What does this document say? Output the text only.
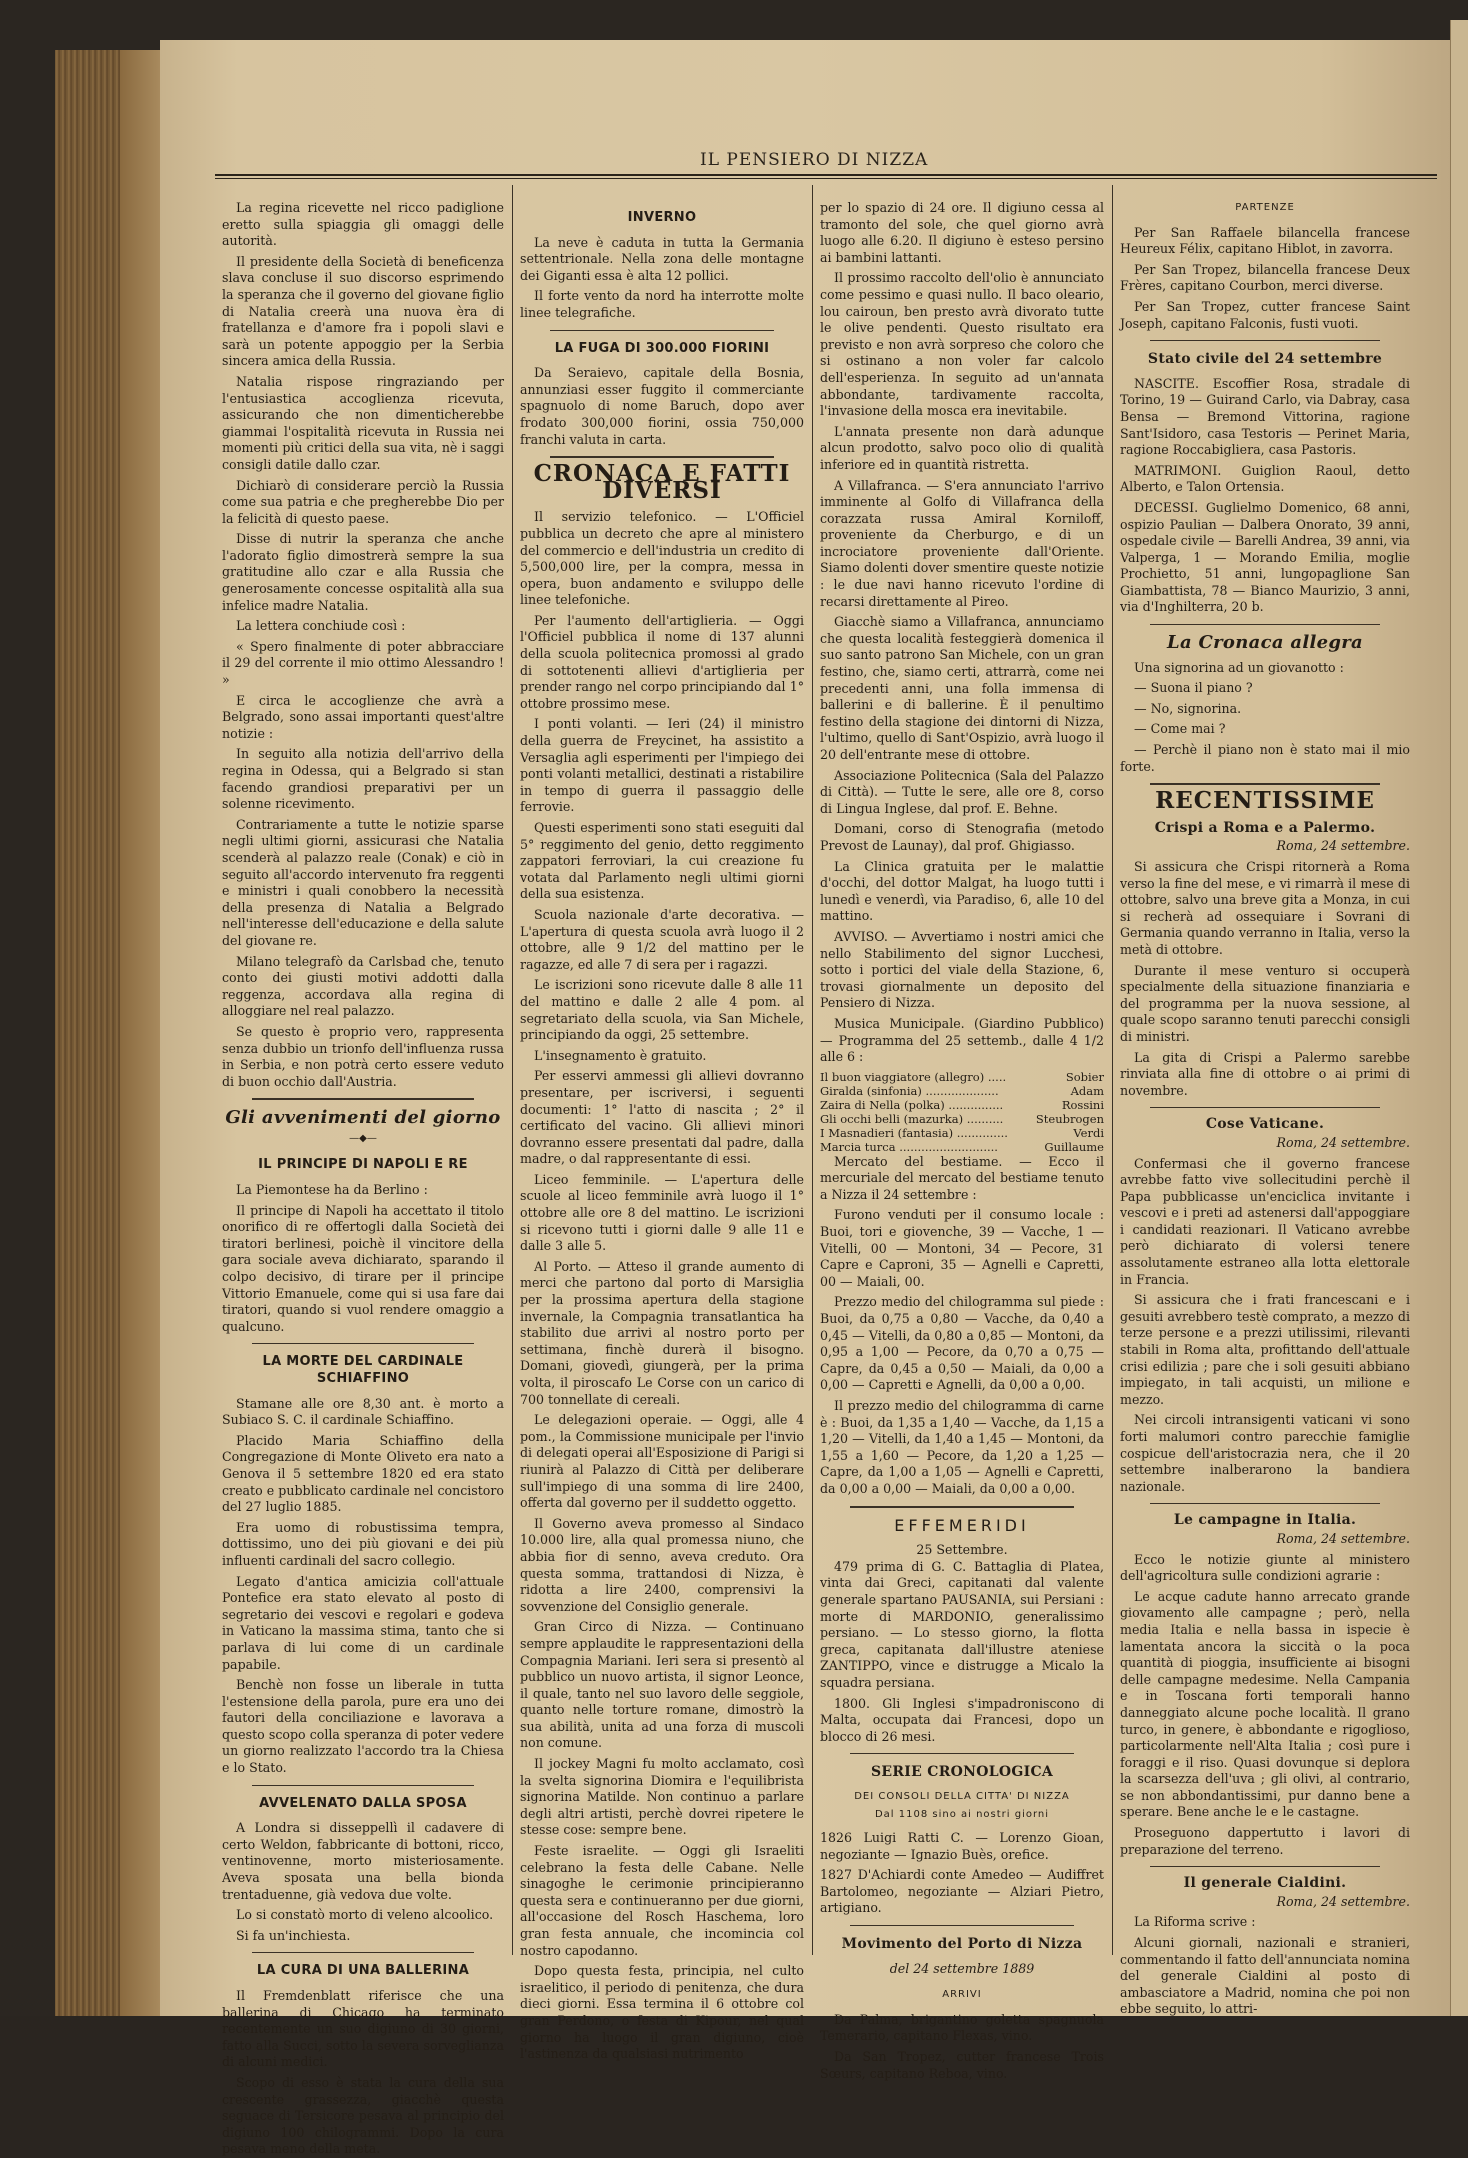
IL PENSIERO DI NIZZA

La regina ricevette nel ricco padiglione eretto sulla spiaggia gli omaggi delle autorità.

Il presidente della Società di beneficenza slava concluse il suo discorso esprimendo la speranza che il governo del giovane figlio di Natalia creerà una nuova èra di fratellanza e d'amore fra i popoli slavi e sarà un potente appoggio per la Serbia sincera amica della Russia.

Natalia rispose ringraziando per l'entusiastica accoglienza ricevuta, assicurando che non dimenticherebbe giammai l'ospitalità ricevuta in Russia nei momenti più critici della sua vita, nè i saggi consigli datile dallo czar.

Dichiarò di considerare perciò la Russia come sua patria e che pregherebbe Dio per la felicità di questo paese.

Disse di nutrir la speranza che anche l'adorato figlio dimostrerà sempre la sua gratitudine allo czar e alla Russia che generosamente concesse ospitalità alla sua infelice madre Natalia.

La lettera conchiude così :

« Spero finalmente di poter abbracciare il 29 del corrente il mio ottimo Alessandro ! »

E circa le accoglienze che avrà a Belgrado, sono assai importanti quest'altre notizie :

In seguito alla notizia dell'arrivo della regina in Odessa, qui a Belgrado si stan facendo grandiosi preparativi per un solenne ricevimento.

Contrariamente a tutte le notizie sparse negli ultimi giorni, assicurasi che Natalia scenderà al palazzo reale (Conak) e ciò in seguito all'accordo intervenuto fra reggenti e ministri i quali conobbero la necessità della presenza di Natalia a Belgrado nell'interesse dell'educazione e della salute del giovane re.

Milano telegrafò da Carlsbad che, tenuto conto dei giusti motivi addotti dalla reggenza, accordava alla regina di alloggiare nel real palazzo.

Se questo è proprio vero, rappresenta senza dubbio un trionfo dell'influenza russa in Serbia, e non potrà certo essere veduto di buon occhio dall'Austria.

Gli avvenimenti del giorno
—◆—
IL PRINCIPE DI NAPOLI E RE

La Piemontese ha da Berlino :

Il principe di Napoli ha accettato il titolo onorifico di re offertogli dalla Società dei tiratori berlinesi, poichè il vincitore della gara sociale aveva dichiarato, sparando il colpo decisivo, di tirare per il principe Vittorio Emanuele, come qui si usa fare dai tiratori, quando si vuol rendere omaggio a qualcuno.

LA MORTE DEL CARDINALE SCHIAFFINO

Stamane alle ore 8,30 ant. è morto a Subiaco S. C. il cardinale Schiaffino.

Placido Maria Schiaffino della Congregazione di Monte Oliveto era nato a Genova il 5 settembre 1820 ed era stato creato e pubblicato cardinale nel concistoro del 27 luglio 1885.

Era uomo di robustissima tempra, dottissimo, uno dei più giovani e dei più influenti cardinali del sacro collegio.

Legato d'antica amicizia coll'attuale Pontefice era stato elevato al posto di segretario dei vescovi e regolari e godeva in Vaticano la massima stima, tanto che si parlava di lui come di un cardinale papabile.

Benchè non fosse un liberale in tutta l'estensione della parola, pure era uno dei fautori della conciliazione e lavorava a questo scopo colla speranza di poter vedere un giorno realizzato l'accordo tra la Chiesa e lo Stato.

AVVELENATO DALLA SPOSA

A Londra si disseppellì il cadavere di certo Weldon, fabbricante di bottoni, ricco, ventinovenne, morto misteriosamente. Aveva sposata una bella bionda trentaduenne, già vedova due volte.

Lo si constatò morto di veleno alcoolico.

Si fa un'inchiesta.

LA CURA DI UNA BALLERINA

Il Fremdenblatt riferisce che una ballerina di Chicago ha terminato recentemente un suo digiuno di 30 giorni, fatto alla Succi, sotto la severa sorveglianza di alcuni medici.

Scopo di esso è stata la cura della sua crescente grassezza, giacchè questa seguace di Tersicore pesava al principio del digiuno 100 chilogrammi. Dopo la cura pesava meno della meta.

INVERNO

La neve è caduta in tutta la Germania settentrionale. Nella zona delle montagne dei Giganti essa è alta 12 pollici.

Il forte vento da nord ha interrotte molte linee telegrafiche.

LA FUGA DI 300.000 FIORINI

Da Seraievo, capitale della Bosnia, annunziasi esser fuggito il commerciante spagnuolo di nome Baruch, dopo aver frodato 300,000 fiorini, ossia 750,000 franchi valuta in carta.

CRONACA E FATTI DIVERSI

Il servizio telefonico. — L'Officiel pubblica un decreto che apre al ministero del commercio e dell'industria un credito di 5,500,000 lire, per la compra, messa in opera, buon andamento e sviluppo delle linee telefoniche.

Per l'aumento dell'artiglieria. — Oggi l'Officiel pubblica il nome di 137 alunni della scuola politecnica promossi al grado di sottotenenti allievi d'artiglieria per prender rango nel corpo principiando dal 1° ottobre prossimo mese.

I ponti volanti. — Ieri (24) il ministro della guerra de Freycinet, ha assistito a Versaglia agli esperimenti per l'impiego dei ponti volanti metallici, destinati a ristabilire in tempo di guerra il passaggio delle ferrovie.

Questi esperimenti sono stati eseguiti dal 5° reggimento del genio, detto reggimento zappatori ferroviari, la cui creazione fu votata dal Parlamento negli ultimi giorni della sua esistenza.

Scuola nazionale d'arte decorativa. — L'apertura di questa scuola avrà luogo il 2 ottobre, alle 9 1/2 del mattino per le ragazze, ed alle 7 di sera per i ragazzi.

Le iscrizioni sono ricevute dalle 8 alle 11 del mattino e dalle 2 alle 4 pom. al segretariato della scuola, via San Michele, principiando da oggi, 25 settembre.

L'insegnamento è gratuito.

Per esservi ammessi gli allievi dovranno presentare, per iscriversi, i seguenti documenti: 1° l'atto di nascita ; 2° il certificato del vacino. Gli allievi minori dovranno essere presentati dal padre, dalla madre, o dal rappresentante di essi.

Liceo femminile. — L'apertura delle scuole al liceo femminile avrà luogo il 1° ottobre alle ore 8 del mattino. Le iscrizioni si ricevono tutti i giorni dalle 9 alle 11 e dalle 3 alle 5.

Al Porto. — Atteso il grande aumento di merci che partono dal porto di Marsiglia per la prossima apertura della stagione invernale, la Compagnia transatlantica ha stabilito due arrivi al nostro porto per settimana, finchè durerà il bisogno. Domani, giovedì, giungerà, per la prima volta, il piroscafo Le Corse con un carico di 700 tonnellate di cereali.

Le delegazioni operaie. — Oggi, alle 4 pom., la Commissione municipale per l'invio di delegati operai all'Esposizione di Parigi si riunirà al Palazzo di Città per deliberare sull'impiego di una somma di lire 2400, offerta dal governo per il suddetto oggetto.

Il Governo aveva promesso al Sindaco 10.000 lire, alla qual promessa niuno, che abbia fior di senno, aveva creduto. Ora questa somma, trattandosi di Nizza, è ridotta a lire 2400, comprensivi la sovvenzione del Consiglio generale.

Gran Circo di Nizza. — Continuano sempre applaudite le rappresentazioni della Compagnia Mariani. Ieri sera si presentò al pubblico un nuovo artista, il signor Leonce, il quale, tanto nel suo lavoro delle seggiole, quanto nelle torture romane, dimostrò la sua abilità, unita ad una forza di muscoli non comune.

Il jockey Magni fu molto acclamato, così la svelta signorina Diomira e l'equilibrista signorina Matilde. Non continuo a parlare degli altri artisti, perchè dovrei ripetere le stesse cose: sempre bene.

Feste israelite. — Oggi gli Israeliti celebrano la festa delle Cabane. Nelle sinagoghe le cerimonie principieranno questa sera e continueranno per due giorni, all'occasione del Rosch Haschema, loro gran festa annuale, che incomincia col nostro capodanno.

Dopo questa festa, principia, nel culto israelitico, il periodo di penitenza, che dura dieci giorni. Essa termina il 6 ottobre col gran Perdono, o festa di Kipour, nel qual giorno ha luogo il gran digiuno, cioè l'astinenza da qualsiasi nutrimento

per lo spazio di 24 ore. Il digiuno cessa al tramonto del sole, che quel giorno avrà luogo alle 6.20. Il digiuno è esteso persino ai bambini lattanti.

Il prossimo raccolto dell'olio è annunciato come pessimo e quasi nullo. Il baco oleario, lou cairoun, ben presto avrà divorato tutte le olive pendenti. Questo risultato era previsto e non avrà sorpreso che coloro che si ostinano a non voler far calcolo dell'esperienza. In seguito ad un'annata abbondante, tardivamente raccolta, l'invasione della mosca era inevitabile.

L'annata presente non darà adunque alcun prodotto, salvo poco olio di qualità inferiore ed in quantità ristretta.

A Villafranca. — S'era annunciato l'arrivo imminente al Golfo di Villafranca della corazzata russa Amiral Korniloff, proveniente da Cherburgo, e di un incrociatore proveniente dall'Oriente. Siamo dolenti dover smentire queste notizie : le due navi hanno ricevuto l'ordine di recarsi direttamente al Pireo.

Giacchè siamo a Villafranca, annunciamo che questa località festeggierà domenica il suo santo patrono San Michele, con un gran festino, che, siamo certi, attrarrà, come nei precedenti anni, una folla immensa di ballerini e di ballerine. È il penultimo festino della stagione dei dintorni di Nizza, l'ultimo, quello di Sant'Ospizio, avrà luogo il 20 dell'entrante mese di ottobre.

Associazione Politecnica (Sala del Palazzo di Città). — Tutte le sere, alle ore 8, corso di Lingua Inglese, dal prof. E. Behne.

Domani, corso di Stenografia (metodo Prevost de Launay), dal prof. Ghigiasso.

La Clinica gratuita per le malattie d'occhi, del dottor Malgat, ha luogo tutti i lunedì e venerdì, via Paradiso, 6, alle 10 del mattino.

AVVISO. — Avvertiamo i nostri amici che nello Stabilimento del signor Lucchesi, sotto i portici del viale della Stazione, 6, trovasi giornalmente un deposito del Pensiero di Nizza.

Musica Municipale. (Giardino Pubblico) — Programma del 25 settemb., dalle 4 1/2 alle 6 :

Il buon viaggiatore (allegro) .....	Sobier
Giralda (sinfonia) ....................	Adam
Zaira di Nella (polka) ...............	Rossini
Gli occhi belli (mazurka) ..........	Steubrogen
I Masnadieri (fantasia) ..............	Verdi
Marcia turca ...........................	Guillaume

Mercato del bestiame. — Ecco il mercuriale del mercato del bestiame tenuto a Nizza il 24 settembre :

Furono venduti per il consumo locale : Buoi, tori e giovenche, 39 — Vacche, 1 — Vitelli, 00 — Montoni, 34 — Pecore, 31 Capre e Caproni, 35 — Agnelli e Capretti, 00 — Maiali, 00.

Prezzo medio del chilogramma sul piede : Buoi, da 0,75 a 0,80 — Vacche, da 0,40 a 0,45 — Vitelli, da 0,80 a 0,85 — Montoni, da 0,95 a 1,00 — Pecore, da 0,70 a 0,75 — Capre, da 0,45 a 0,50 — Maiali, da 0,00 a 0,00 — Capretti e Agnelli, da 0,00 a 0,00.

Il prezzo medio del chilogramma di carne è : Buoi, da 1,35 a 1,40 — Vacche, da 1,15 a 1,20 — Vitelli, da 1,40 a 1,45 — Montoni, da 1,55 a 1,60 — Pecore, da 1,20 a 1,25 — Capre, da 1,00 a 1,05 — Agnelli e Capretti, da 0,00 a 0,00 — Maiali, da 0,00 a 0,00.

EFFEMERIDI
25 Settembre.

479 prima di G. C. Battaglia di Platea, vinta dai Greci, capitanati dal valente generale spartano PAUSANIA, sui Persiani : morte di MARDONIO, generalissimo persiano. — Lo stesso giorno, la flotta greca, capitanata dall'illustre ateniese ZANTIPPO, vince e distrugge a Micalo la squadra persiana.

1800. Gli Inglesi s'impadroniscono di Malta, occupata dai Francesi, dopo un blocco di 26 mesi.

SERIE CRONOLOGICA
DEI CONSOLI DELLA CITTA' DI NIZZA
Dal 1108 sino ai nostri giorni

1826 Luigi Ratti C. — Lorenzo Gioan, negoziante — Ignazio Buès, orefice.

1827 D'Achiardi conte Amedeo — Audiffret Bartolomeo, negoziante — Alziari Pietro, artigiano.

Movimento del Porto di Nizza
del 24 settembre 1889
ARRIVI

Da Palma, brigantino goletta spagnuola Temerario, capitano Flexas, vino.

Da San Tropez, cutter francese Trois Sœurs, capitano Reboa, vino.

PARTENZE

Per San Raffaele bilancella francese Heureux Félix, capitano Hiblot, in zavorra.

Per San Tropez, bilancella francese Deux Frères, capitano Courbon, merci diverse.

Per San Tropez, cutter francese Saint Joseph, capitano Falconis, fusti vuoti.

Stato civile del 24 settembre

NASCITE. Escoffier Rosa, stradale di Torino, 19 — Guirand Carlo, via Dabray, casa Bensa — Bremond Vittorina, ragione Sant'Isidoro, casa Testoris — Perinet Maria, ragione Roccabigliera, casa Pastoris.

MATRIMONI. Guiglion Raoul, detto Alberto, e Talon Ortensia.

DECESSI. Guglielmo Domenico, 68 anni, ospizio Paulian — Dalbera Onorato, 39 anni, ospedale civile — Barelli Andrea, 39 anni, via Valperga, 1 — Morando Emilia, moglie Prochietto, 51 anni, lungopaglione San Giambattista, 78 — Bianco Maurizio, 3 anni, via d'Inghilterra, 20 b.

La Cronaca allegra

Una signorina ad un giovanotto :

— Suona il piano ?

— No, signorina.

— Come mai ?

— Perchè il piano non è stato mai il mio forte.

RECENTISSIME
Crispi a Roma e a Palermo.
Roma, 24 settembre.

Si assicura che Crispi ritornerà a Roma verso la fine del mese, e vi rimarrà il mese di ottobre, salvo una breve gita a Monza, in cui si recherà ad ossequiare i Sovrani di Germania quando verranno in Italia, verso la metà di ottobre.

Durante il mese venturo si occuperà specialmente della situazione finanziaria e del programma per la nuova sessione, al quale scopo saranno tenuti parecchi consigli di ministri.

La gita di Crispi a Palermo sarebbe rinviata alla fine di ottobre o ai primi di novembre.

Cose Vaticane.
Roma, 24 settembre.

Confermasi che il governo francese avrebbe fatto vive sollecitudini perchè il Papa pubblicasse un'enciclica invitante i vescovi e i preti ad astenersi dall'appoggiare i candidati reazionari. Il Vaticano avrebbe però dichiarato di volersi tenere assolutamente estraneo alla lotta elettorale in Francia.

Si assicura che i frati francescani e i gesuiti avrebbero testè comprato, a mezzo di terze persone e a prezzi utilissimi, rilevanti stabili in Roma alta, profittando dell'attuale crisi edilizia ; pare che i soli gesuiti abbiano impiegato, in tali acquisti, un milione e mezzo.

Nei circoli intransigenti vaticani vi sono forti malumori contro parecchie famiglie cospicue dell'aristocrazia nera, che il 20 settembre inalberarono la bandiera nazionale.

Le campagne in Italia.
Roma, 24 settembre.

Ecco le notizie giunte al ministero dell'agricoltura sulle condizioni agrarie :

Le acque cadute hanno arrecato grande giovamento alle campagne ; però, nella media Italia e nella bassa in ispecie è lamentata ancora la siccità o la poca quantità di pioggia, insufficiente ai bisogni delle campagne medesime. Nella Campania e in Toscana forti temporali hanno danneggiato alcune poche località. Il grano turco, in genere, è abbondante e rigoglioso, particolarmente nell'Alta Italia ; così pure i foraggi e il riso. Quasi dovunque si deplora la scarsezza dell'uva ; gli olivi, al contrario, se non abbondantissimi, pur danno bene a sperare. Bene anche le e le castagne.

Proseguono dappertutto i lavori di preparazione del terreno.

Il generale Cialdini.
Roma, 24 settembre.

La Riforma scrive :

Alcuni giornali, nazionali e stranieri, commentando il fatto dell'annunciata nomina del generale Cialdini al posto di ambasciatore a Madrid, nomina che poi non ebbe seguito, lo attri-
